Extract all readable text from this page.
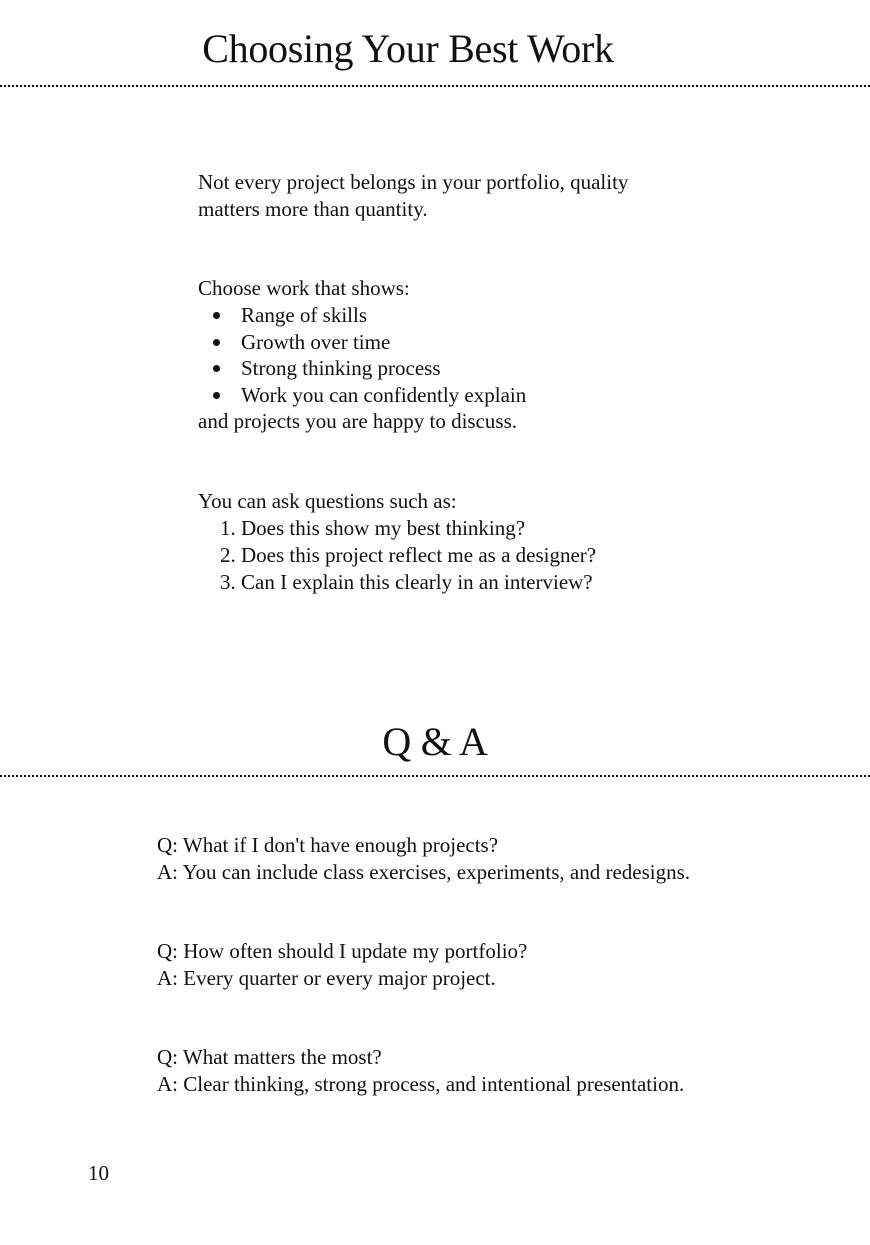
Choosing Your Best Work
Not every project belongs in your portfolio, quality
matters more than quantity.
Choose work that shows:
Range of skills
Growth over time
Strong thinking process
Work you can confidently explain
and projects you are happy to discuss.
You can ask questions such as:
1. Does this show my best thinking?
2. Does this project reflect me as a designer?
3. Can I explain this clearly in an interview?
Q & A
Q: What if I don't have enough projects?
A: You can include class exercises, experiments, and redesigns.
Q: How often should I update my portfolio?
A: Every quarter or every major project.
Q: What matters the most?
A: Clear thinking, strong process, and intentional presentation.
10
